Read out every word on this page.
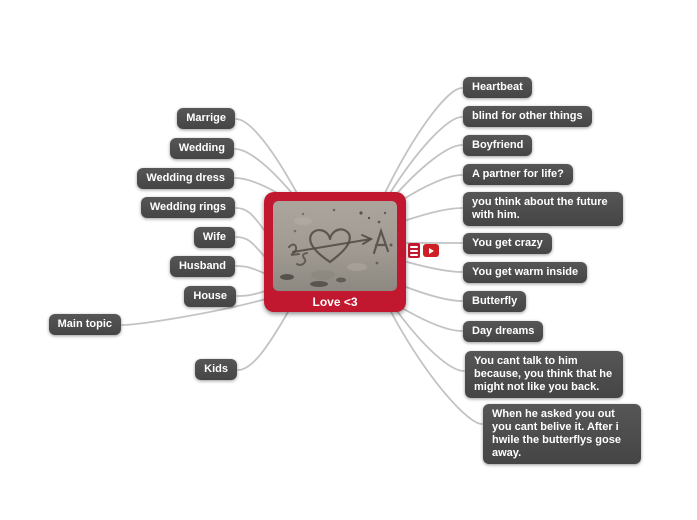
Marrige
Wedding
Wedding dress
Wedding rings
Wife
Husband
House
Main topic
Kids
Heartbeat
blind for other things
Boyfriend
A partner for life?
you think about the future with him.
You get crazy
You get warm inside
Butterfly
Day dreams
You cant talk to him because, you think that he might not like you back.
When he asked you out you cant belive it. After i hwile the butterflys gose away.
Love <3
